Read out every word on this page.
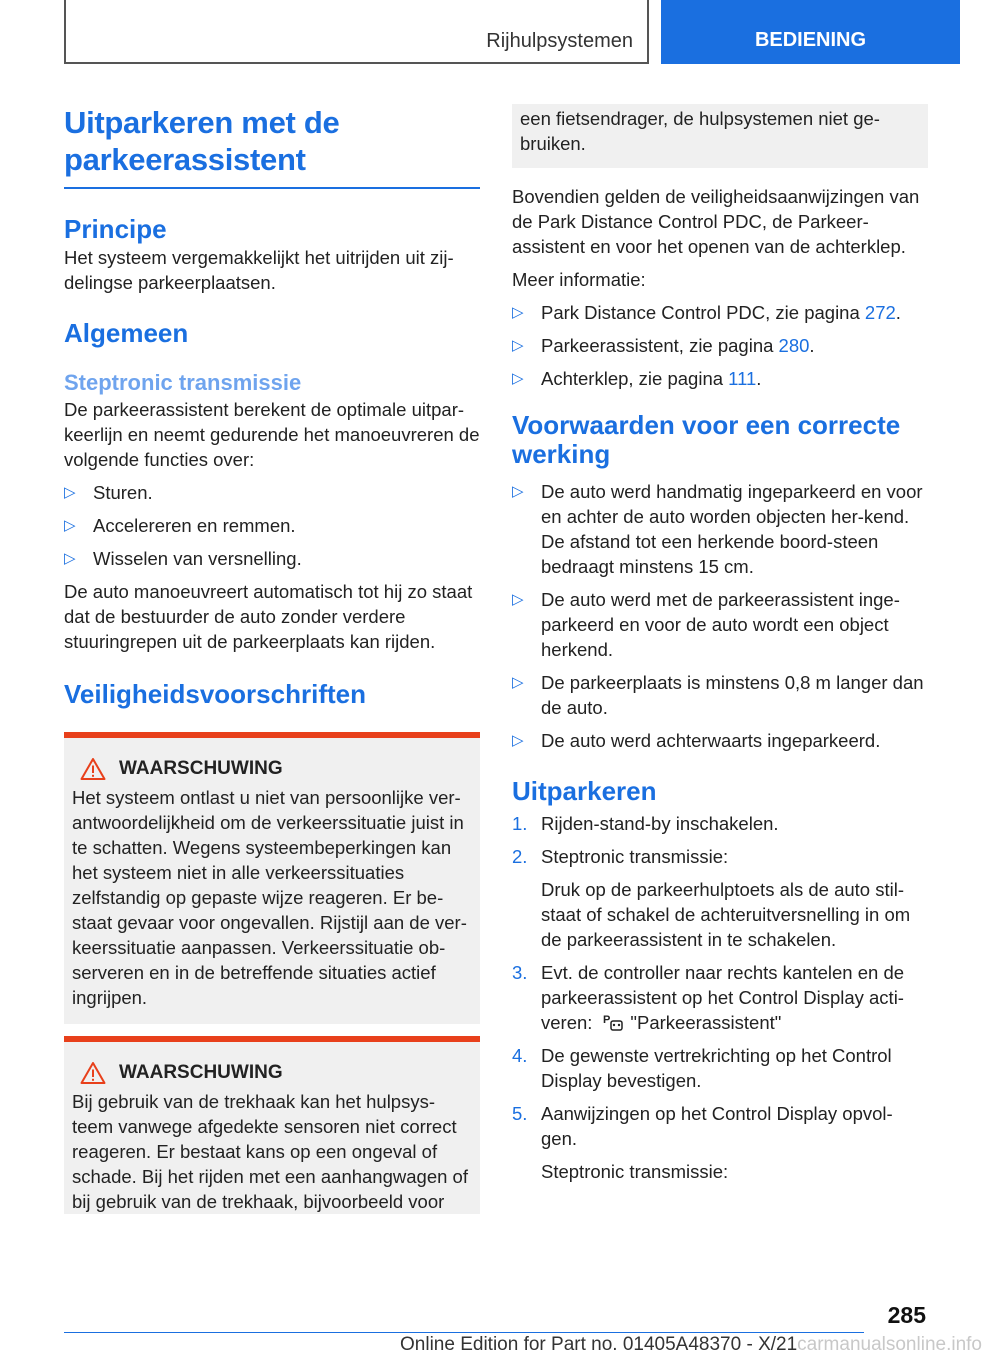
Rijhulpsystemen	BEDIENING
Uitparkeren met de parkeerassistent
Principe

Het systeem vergemakkelijkt het uitrijden uit zij-delingse parkeerplaatsen.

Algemeen
Steptronic transmissie

De parkeerassistent berekent de optimale uitpar-keerlijn en neemt gedurende het manoeuvreren de volgende functies over:

▷ Sturen.
▷ Accelereren en remmen.
▷ Wisselen van versnelling.

De auto manoeuvreert automatisch tot hij zo staat dat de bestuurder de auto zonder verdere stuuringrepen uit de parkeerplaats kan rijden.

Veiligheidsvoorschriften
WAARSCHUWING

Het systeem ontlast u niet van persoonlijke ver-antwoordelijkheid om de verkeerssituatie juist in te schatten. Wegens systeembeperkingen kan het systeem niet in alle verkeerssituaties zelfstandig op gepaste wijze reageren. Er be-staat gevaar voor ongevallen. Rijstijl aan de ver-keerssituatie aanpassen. Verkeerssituatie ob-serveren en in de betreffende situaties actief ingrijpen.

WAARSCHUWING

Bij gebruik van de trekhaak kan het hulpsys-teem vanwege afgedekte sensoren niet correct reageren. Er bestaat kans op een ongeval of schade. Bij het rijden met een aanhangwagen of bij gebruik van de trekhaak, bijvoorbeeld voor

een fietsendrager, de hulpsystemen niet ge-bruiken.

Bovendien gelden de veiligheidsaanwijzingen van de Park Distance Control PDC, de Parkeer-assistent en voor het openen van de achterklep.

Meer informatie:

▷ Park Distance Control PDC, zie pagina 272.
▷ Parkeerassistent, zie pagina 280.
▷ Achterklep, zie pagina 111.
Voorwaarden voor een correcte werking
▷ De auto werd handmatig ingeparkeerd en voor en achter de auto worden objecten her-kend. De afstand tot een herkende boord-steen bedraagt minstens 15 cm.
▷ De auto werd met de parkeerassistent inge-parkeerd en voor de auto wordt een object herkend.
▷ De parkeerplaats is minstens 0,8 m langer dan de auto.
▷ De auto werd achterwaarts ingeparkeerd.
Uitparkeren
1. Rijden-stand-by inschakelen.
2. Steptronic transmissie:
Druk op de parkeerhulptoets als de auto stil-staat of schakel de achteruitversnelling in om de parkeerassistent in te schakelen.
3. Evt. de controller naar rechts kantelen en de parkeerassistent op het Control Display acti-veren: P "Parkeerassistent"
4. De gewenste vertrekrichting op het Control Display bevestigen.
5. Aanwijzingen op het Control Display opvol-gen.
Steptronic transmissie:
285
Online Edition for Part no. 01405A48370 - X/21carmanualsonline.info
